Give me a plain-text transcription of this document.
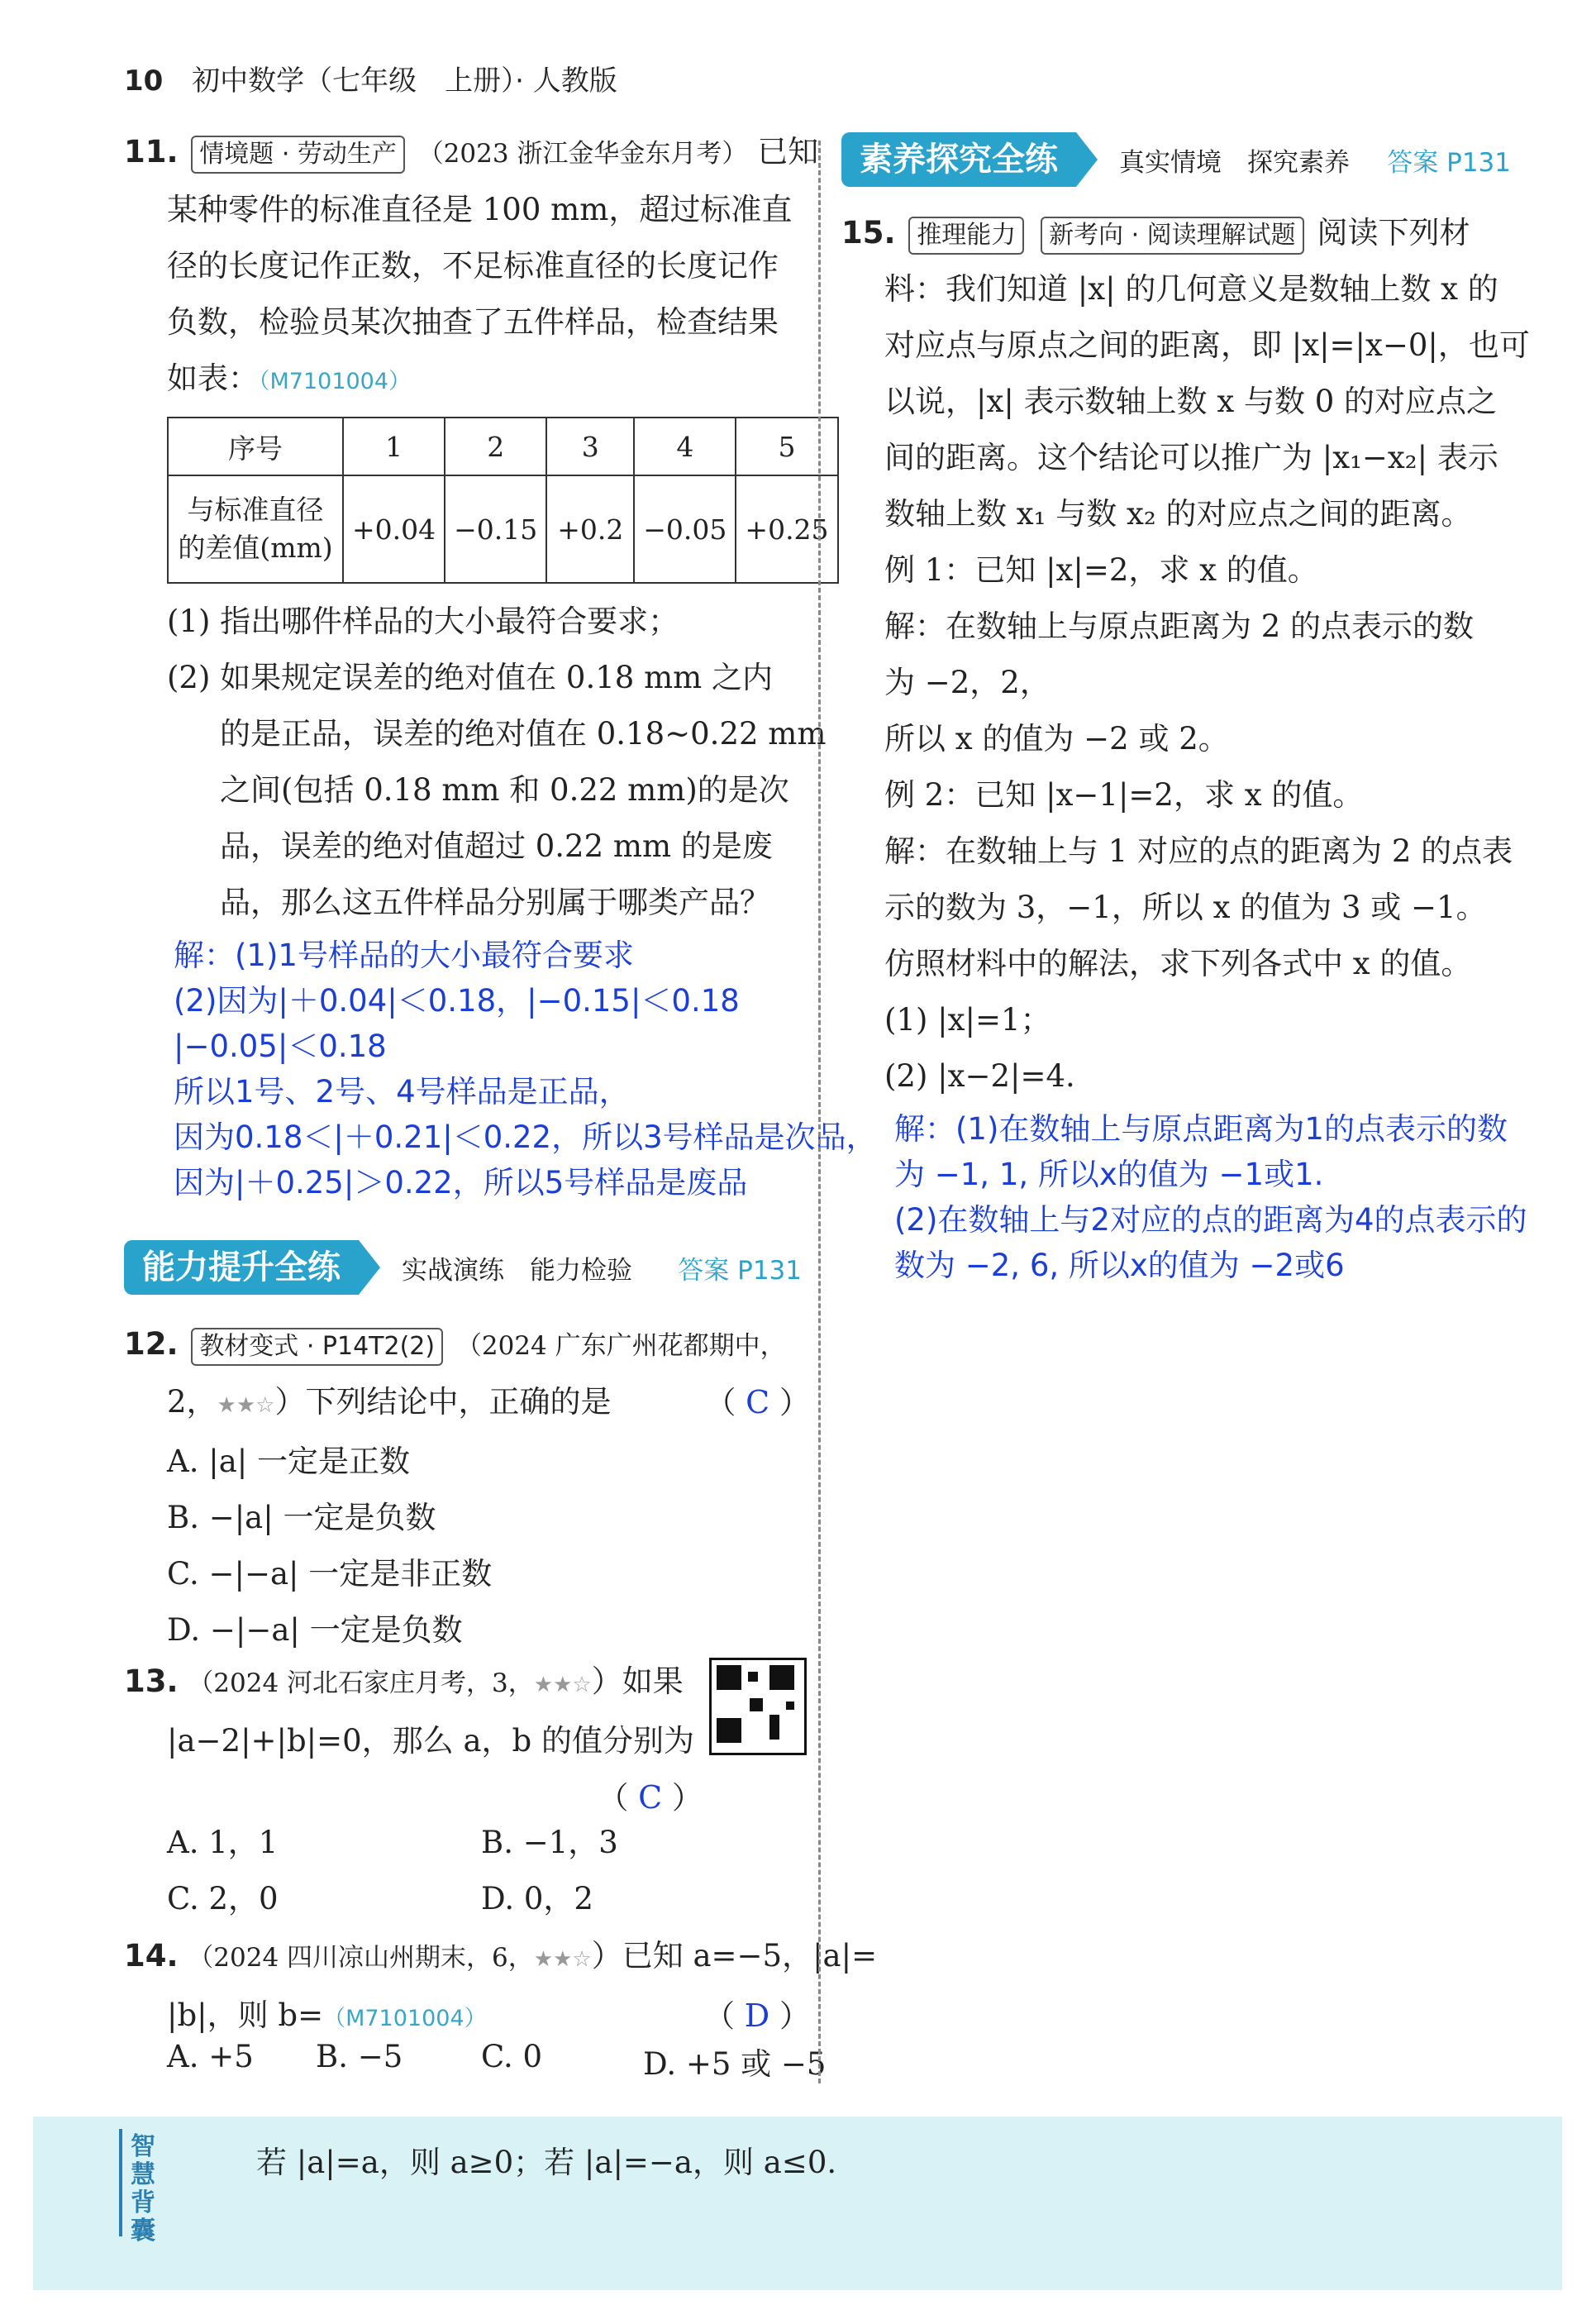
10 初中数学（七年级　上册）· 人教版
11. 情境题 · 劳动生产 （2023 浙江金华金东月考） 已知
某种零件的标准直径是 100 mm，超过标准直
径的长度记作正数，不足标准直径的长度记作
负数，检验员某次抽查了五件样品，检查结果
如表：（M7101004）
序号	1	2	3	4	5
与标准直径
的差值(mm)	+0.04	−0.15	+0.2	−0.05	+0.25
(1) 指出哪件样品的大小最符合要求；
(2) 如果规定误差的绝对值在 0.18 mm 之内
的是正品，误差的绝对值在 0.18~0.22 mm
之间(包括 0.18 mm 和 0.22 mm)的是次
品，误差的绝对值超过 0.22 mm 的是废
品，那么这五件样品分别属于哪类产品？
解：(1)1号样品的大小最符合要求
(2)因为|＋0.04|＜0.18，|−0.15|＜0.18
|−0.05|＜0.18
所以1号、2号、4号样品是正品，
因为0.18＜|＋0.21|＜0.22，所以3号样品是次品，
因为|＋0.25|＞0.22，所以5号样品是废品
能力提升全练	实战演练　能力检验 答案 P131
12. 教材变式 · P14T2(2) （2024 广东广州花都期中，
2，★★☆）下列结论中，正确的是	（ C ）
A. |a| 一定是正数
B. −|a| 一定是负数
C. −|−a| 一定是非正数
D. −|−a| 一定是负数
13. （2024 河北石家庄月考，3，★★☆）如果
|a−2|+|b|=0，那么 a，b 的值分别为
（ C ）
A. 1，1	B. −1，3
C. 2，0	D. 0，2
14. （2024 四川凉山州期末，6，★★☆）已知 a=−5，|a|=
|b|，则 b=（M7101004）	（ D ）
A. +5 B. −5	C. 0	D. +5 或 −5
素养探究全练	真实情境　探究素养 答案 P131
15. 推理能力 新考向 · 阅读理解试题 阅读下列材
料：我们知道 |x| 的几何意义是数轴上数 x 的
对应点与原点之间的距离，即 |x|=|x−0|，也可
以说，|x| 表示数轴上数 x 与数 0 的对应点之
间的距离。这个结论可以推广为 |x₁−x₂| 表示
数轴上数 x₁ 与数 x₂ 的对应点之间的距离。
例 1：已知 |x|=2，求 x 的值。
解：在数轴上与原点距离为 2 的点表示的数
为 −2，2，
所以 x 的值为 −2 或 2。
例 2：已知 |x−1|=2，求 x 的值。
解：在数轴上与 1 对应的点的距离为 2 的点表
示的数为 3，−1，所以 x 的值为 3 或 −1。
仿照材料中的解法，求下列各式中 x 的值。
(1) |x|=1；
(2) |x−2|=4.
解：(1)在数轴上与原点距离为1的点表示的数
为 −1, 1, 所以x的值为 −1或1.
(2)在数轴上与2对应的点的距离为4的点表示的
数为 −2, 6, 所以x的值为 −2或6
智慧背囊
若 |a|=a，则 a≥0；若 |a|=−a，则 a≤0.
